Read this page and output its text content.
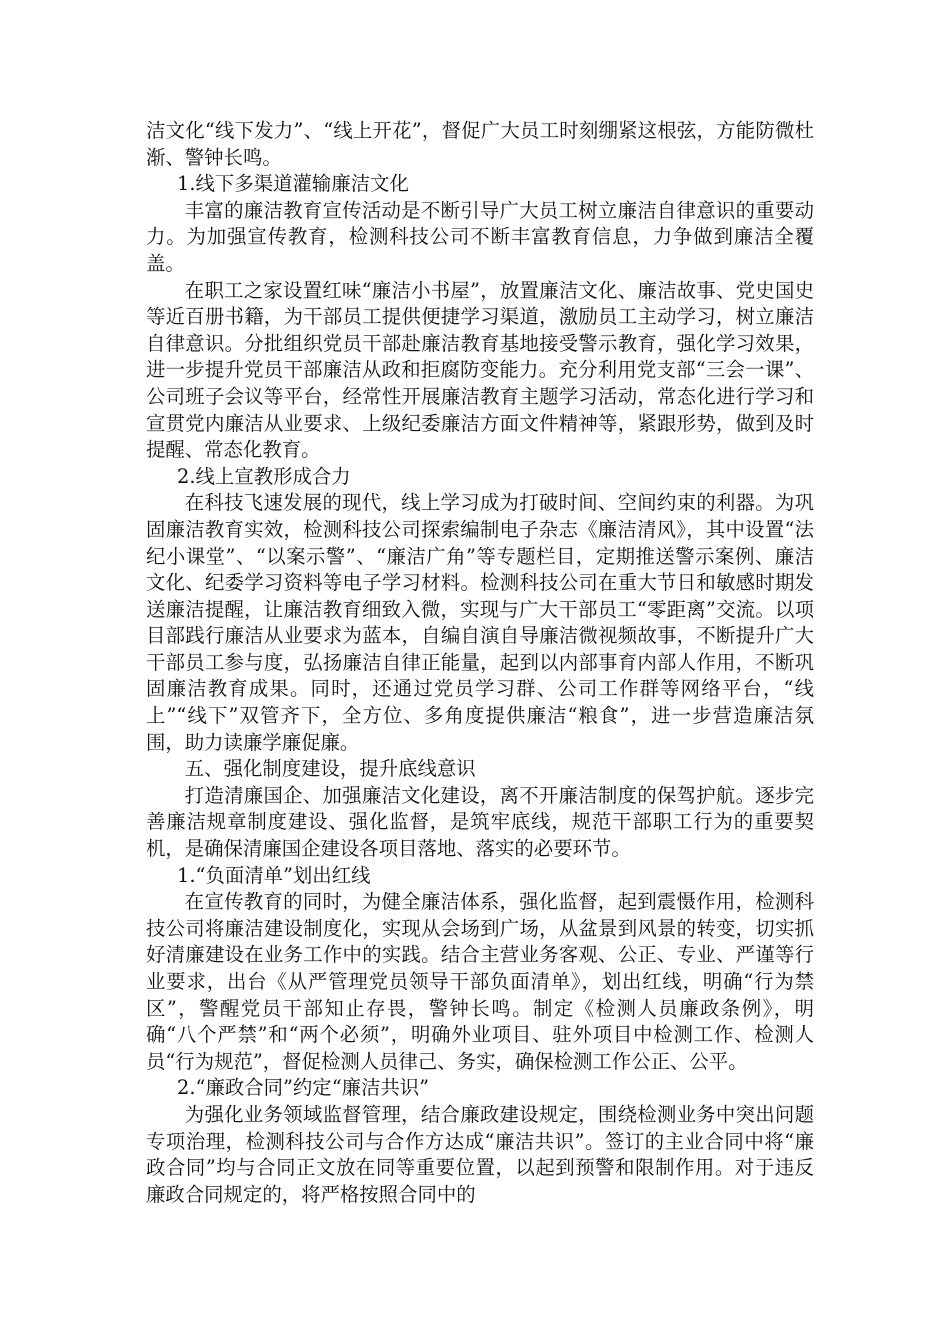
洁文化“线下发力”、“线上开花”，督促广大员工时刻绷紧这根弦，方能防微杜渐、警钟长鸣。

1.线下多渠道灌输廉洁文化

丰富的廉洁教育宣传活动是不断引导广大员工树立廉洁自律意识的重要动力。为加强宣传教育，检测科技公司不断丰富教育信息，力争做到廉洁全覆盖。

在职工之家设置红味“廉洁小书屋”，放置廉洁文化、廉洁故事、党史国史等近百册书籍，为干部员工提供便捷学习渠道，激励员工主动学习，树立廉洁自律意识。分批组织党员干部赴廉洁教育基地接受警示教育，强化学习效果，进一步提升党员干部廉洁从政和拒腐防变能力。充分利用党支部“三会一课”、公司班子会议等平台，经常性开展廉洁教育主题学习活动，常态化进行学习和宣贯党内廉洁从业要求、上级纪委廉洁方面文件精神等，紧跟形势，做到及时提醒、常态化教育。

2.线上宣教形成合力

在科技飞速发展的现代，线上学习成为打破时间、空间约束的利器。为巩固廉洁教育实效，检测科技公司探索编制电子杂志《廉洁清风》，其中设置“法纪小课堂”、“以案示警”、“廉洁广角”等专题栏目，定期推送警示案例、廉洁文化、纪委学习资料等电子学习材料。检测科技公司在重大节日和敏感时期发送廉洁提醒，让廉洁教育细致入微，实现与广大干部员工“零距离”交流。以项目部践行廉洁从业要求为蓝本，自编自演自导廉洁微视频故事，不断提升广大干部员工参与度，弘扬廉洁自律正能量，起到以内部事育内部人作用，不断巩固廉洁教育成果。同时，还通过党员学习群、公司工作群等网络平台，“线上”“线下”双管齐下，全方位、多角度提供廉洁“粮食”，进一步营造廉洁氛围，助力读廉学廉促廉。

五、强化制度建设，提升底线意识

打造清廉国企、加强廉洁文化建设，离不开廉洁制度的保驾护航。逐步完善廉洁规章制度建设、强化监督，是筑牢底线，规范干部职工行为的重要契机，是确保清廉国企建设各项目落地、落实的必要环节。

1.“负面清单”划出红线

在宣传教育的同时，为健全廉洁体系，强化监督，起到震慑作用，检测科技公司将廉洁建设制度化，实现从会场到广场，从盆景到风景的转变，切实抓好清廉建设在业务工作中的实践。结合主营业务客观、公正、专业、严谨等行业要求，出台《从严管理党员领导干部负面清单》，划出红线，明确“行为禁区”，警醒党员干部知止存畏，警钟长鸣。制定《检测人员廉政条例》，明确“八个严禁”和“两个必须”，明确外业项目、驻外项目中检测工作、检测人员“行为规范”，督促检测人员律己、务实，确保检测工作公正、公平。

2.“廉政合同”约定“廉洁共识”

为强化业务领域监督管理，结合廉政建设规定，围绕检测业务中突出问题专项治理，检测科技公司与合作方达成“廉洁共识”。签订的主业合同中将“廉政合同”均与合同正文放在同等重要位置，以起到预警和限制作用。对于违反廉政合同规定的，将严格按照合同中的
